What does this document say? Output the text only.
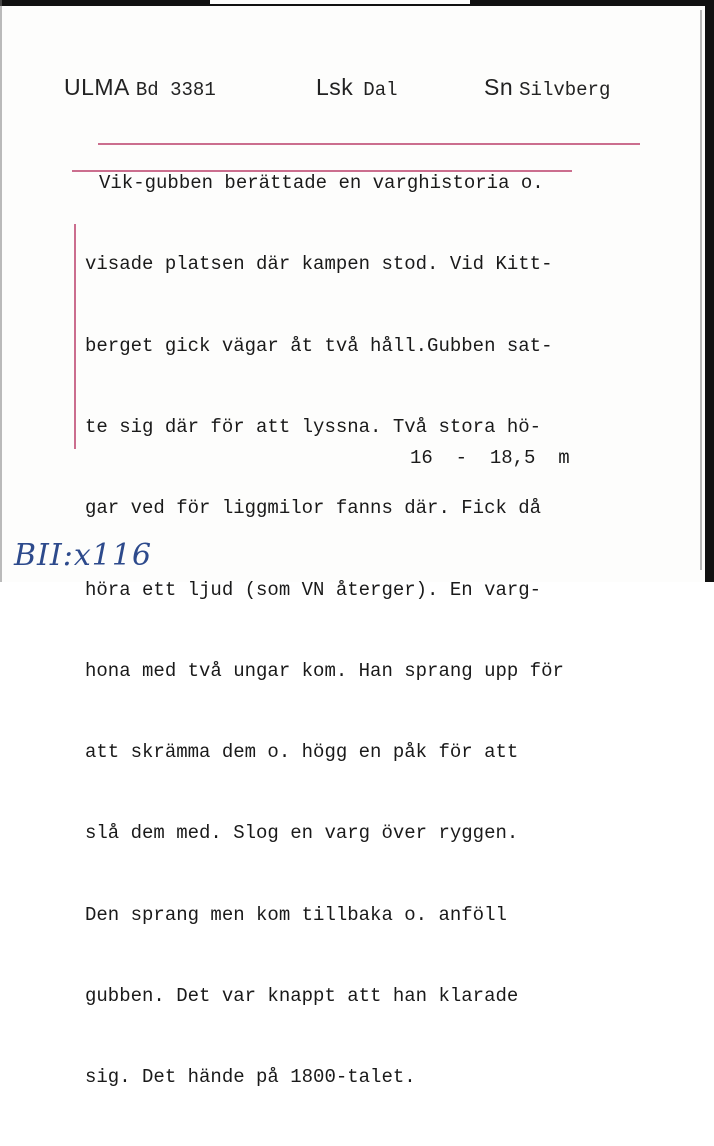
ULMA Bd 3381	Lsk Dal	Sn Silvberg

Vik-gubben berättade en varghistoria o.

visade platsen där kampen stod. Vid Kitt-

berget gick vägar åt två håll.Gubben sat-

te sig där för att lyssna. Två stora hö-

gar ved för liggmilor fanns där. Fick då

höra ett ljud (som VN återger). En varg-

hona med två ungar kom. Han sprang upp för

att skrämma dem o. högg en påk för att

slå dem med. Slog en varg över ryggen.

Den sprang men kom tillbaka o. anföll

gubben. Det var knappt att han klarade

sig. Det hände på 1800-talet.

16  -  18,5  m
BII:x116
